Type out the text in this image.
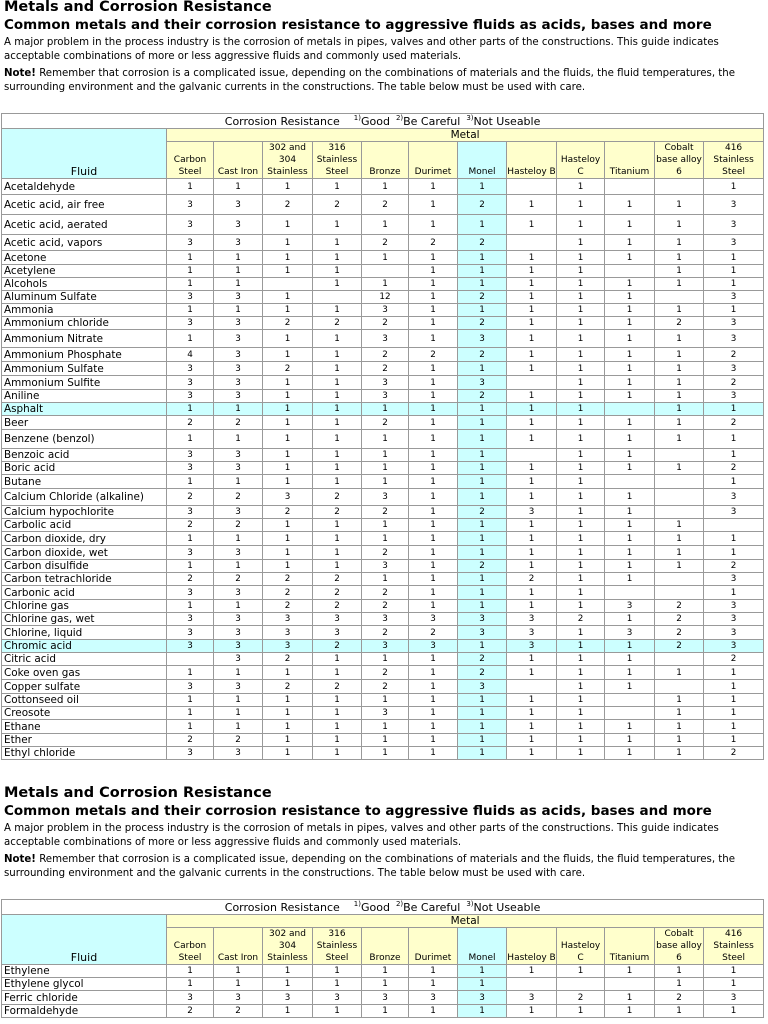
Metals and Corrosion Resistance
Common metals and their corrosion resistance to aggressive fluids as acids, bases and more

A major problem in the process industry is the corrosion of metals in pipes, valves and other parts of the constructions. This guide indicates acceptable combinations of more or less aggressive fluids and commonly used materials.

Note! Remember that corrosion is a complicated issue, depending on the combinations of materials and the fluids, the fluid temperatures, the surrounding environment and the galvanic currents in the constructions. The table below must be used with care.

Corrosion Resistance $^{1)}$Good $^{2)}$Be Careful $^{3)}$Not Useable												
Fluid	Metal											
	Carbon Steel	Cast Iron	302 and 304 Stainless	316 Stainless Steel	Bronze	Durimet	Monel	Hasteloy B	Hasteloy C	Titanium	Cobalt base alloy 6	416 Stainless Steel
Acetaldehyde	1	1	1	1	1	1	1		1			1
Acetic acid, air free	3	3	2	2	2	1	2	1	1	1	1	3
Acetic acid, aerated	3	3	1	1	1	1	1	1	1	1	1	3
Acetic acid, vapors	3	3	1	1	2	2	2		1	1	1	3
Acetone	1	1	1	1	1	1	1	1	1	1	1	1
Acetylene	1	1	1	1		1	1	1	1		1	1
Alcohols	1	1		1	1	1	1	1	1	1	1	1
Aluminum Sulfate	3	3	1		12	1	2	1	1	1		3
Ammonia	1	1	1	1	3	1	1	1	1	1	1	1
Ammonium chloride	3	3	2	2	2	1	2	1	1	1	2	3
Ammonium Nitrate	1	3	1	1	3	1	3	1	1	1	1	3
Ammonium Phosphate	4	3	1	1	2	2	2	1	1	1	1	2
Ammonium Sulfate	3	3	2	1	2	1	1	1	1	1	1	3
Ammonium Sulfite	3	3	1	1	3	1	3		1	1	1	2
Aniline	3	3	1	1	3	1	2	1	1	1	1	3
Asphalt	1	1	1	1	1	1	1	1	1		1	1
Beer	2	2	1	1	2	1	1	1	1	1	1	2
Benzene (benzol)	1	1	1	1	1	1	1	1	1	1	1	1
Benzoic acid	3	3	1	1	1	1	1		1	1		1
Boric acid	3	3	1	1	1	1	1	1	1	1	1	2
Butane	1	1	1	1	1	1	1	1	1			1
Calcium Chloride (alkaline)	2	2	3	2	3	1	1	1	1	1		3
Calcium hypochlorite	3	3	2	2	2	1	2	3	1	1		3
Carbolic acid	2	2	1	1	1	1	1	1	1	1	1	
Carbon dioxide, dry	1	1	1	1	1	1	1	1	1	1	1	1
Carbon dioxide, wet	3	3	1	1	2	1	1	1	1	1	1	1
Carbon disulfide	1	1	1	1	3	1	2	1	1	1	1	2
Carbon tetrachloride	2	2	2	2	1	1	1	2	1	1		3
Carbonic acid	3	3	2	2	2	1	1	1	1			1
Chlorine gas	1	1	2	2	2	1	1	1	1	3	2	3
Chlorine gas, wet	3	3	3	3	3	3	3	3	2	1	2	3
Chlorine, liquid	3	3	3	3	2	2	3	3	1	3	2	3
Chromic acid	3	3	3	2	3	3	1	3	1	1	2	3
Citric acid		3	2	1	1	1	2	1	1	1		2
Coke oven gas	1	1	1	1	2	1	2	1	1	1	1	1
Copper sulfate	3	3	2	2	2	1	3		1	1		1
Cottonseed oil	1	1	1	1	1	1	1	1	1		1	1
Creosote	1	1	1	1	3	1	1	1	1		1	1
Ethane	1	1	1	1	1	1	1	1	1	1	1	1
Ether	2	2	1	1	1	1	1	1	1	1	1	1
Ethyl chloride	3	3	1	1	1	1	1	1	1	1	1	2
Metals and Corrosion Resistance
Common metals and their corrosion resistance to aggressive fluids as acids, bases and more

A major problem in the process industry is the corrosion of metals in pipes, valves and other parts of the constructions. This guide indicates acceptable combinations of more or less aggressive fluids and commonly used materials.

Note! Remember that corrosion is a complicated issue, depending on the combinations of materials and the fluids, the fluid temperatures, the surrounding environment and the galvanic currents in the constructions. The table below must be used with care.

Corrosion Resistance $^{1)}$Good $^{2)}$Be Careful $^{3)}$Not Useable												
Fluid	Metal											
	Carbon Steel	Cast Iron	302 and 304 Stainless	316 Stainless Steel	Bronze	Durimet	Monel	Hasteloy B	Hasteloy C	Titanium	Cobalt base alloy 6	416 Stainless Steel
Ethylene	1	1	1	1	1	1	1	1	1	1	1	1
Ethylene glycol	1	1	1	1	1	1	1				1	1
Ferric chloride	3	3	3	3	3	3	3	3	2	1	2	3
Formaldehyde	2	2	1	1	1	1	1	1	1	1	1	1
